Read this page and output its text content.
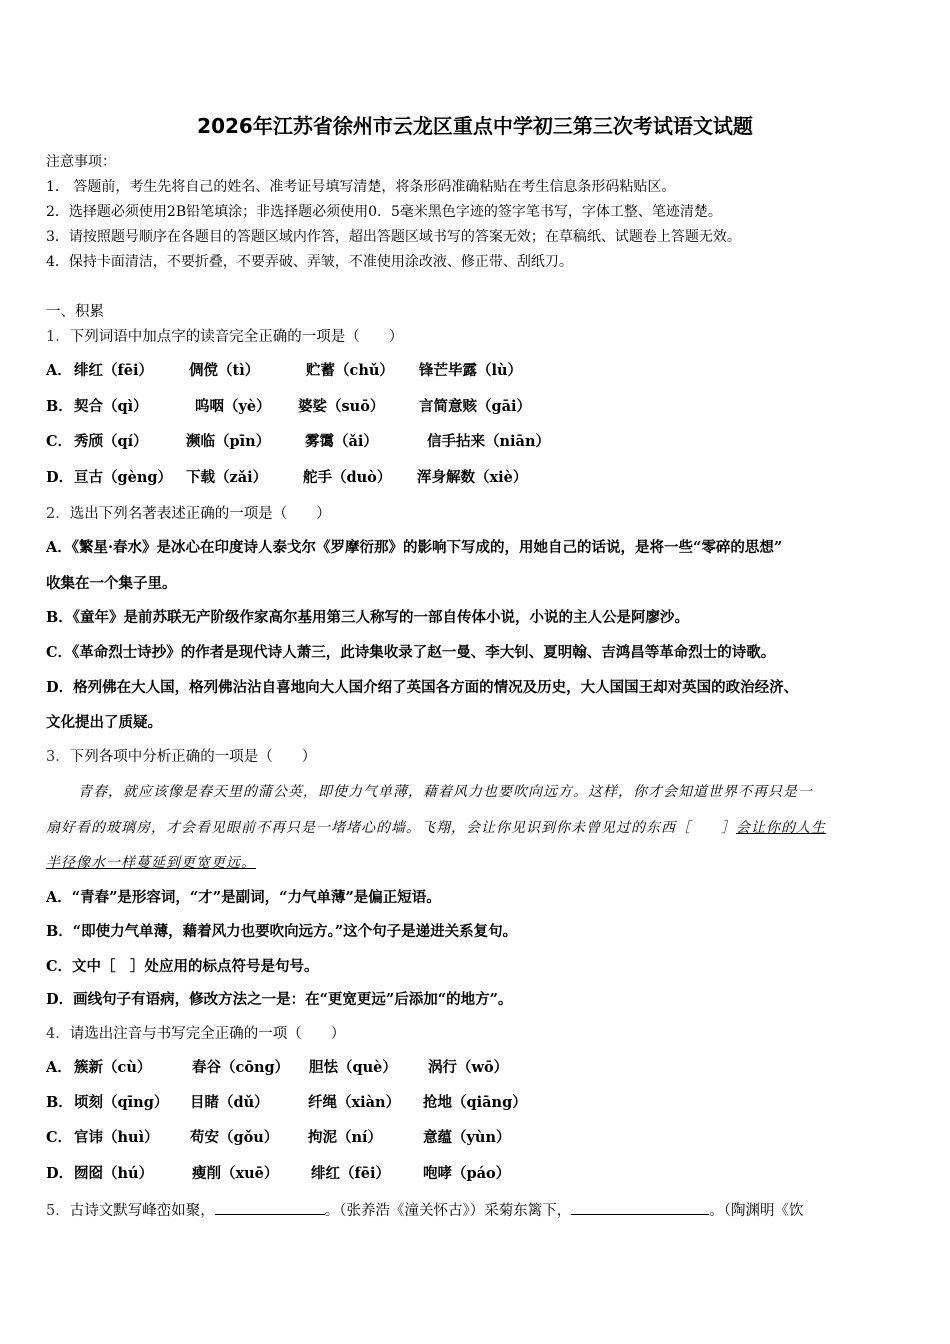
2026年江苏省徐州市云龙区重点中学初三第三次考试语文试题
注意事项：
1． 答题前，考生先将自己的姓名、准考证号填写清楚，将条形码准确粘贴在考生信息条形码粘贴区。
2．选择题必须使用2B铅笔填涂；非选择题必须使用0．5毫米黑色字迹的签字笔书写，字体工整、笔迹清楚。
3．请按照题号顺序在各题目的答题区域内作答，超出答题区域书写的答案无效；在草稿纸、试题卷上答题无效。
4．保持卡面清洁，不要折叠，不要弄破、弄皱，不准使用涂改液、修正带、刮纸刀。
一、积累
1．下列词语中加点字的读音完全正确的一项是（　　）
A． 绯红（fēi） 倜傥（tì）	贮蓄（chǔ） 锋芒毕露（lù）
B． 契合（qì）	呜咽（yè） 婆娑（suō） 言简意赅（gāi）
C． 秀颀（qí）	濒临（pīn） 雾霭（ǎi）	信手拈来（niān）
D． 亘古（gèng） 下载（zǎi） 舵手（duò） 浑身解数（xiè）
2．选出下列名著表述正确的一项是（　　）
A．《繁星·春水》是冰心在印度诗人泰戈尔《罗摩衍那》的影响下写成的，用她自己的话说，是将一些“零碎的思想”
收集在一个集子里。
B．《童年》是前苏联无产阶级作家高尔基用第三人称写的一部自传体小说，小说的主人公是阿廖沙。
C．《革命烈士诗抄》的作者是现代诗人萧三，此诗集收录了赵一曼、李大钊、夏明翰、吉鸿昌等革命烈士的诗歌。
D．格列佛在大人国，格列佛沾沾自喜地向大人国介绍了英国各方面的情况及历史，大人国国王却对英国的政治经济、
文化提出了质疑。
3．下列各项中分析正确的一项是（　　）
青春，就应该像是春天里的蒲公英，即使力气单薄，藉着风力也要吹向远方。这样，你才会知道世界不再只是一
扇好看的玻璃房，才会看见眼前不再只是一堵堵心的墙。飞翔，会让你见识到你未曾见过的东西［　　］会让你的人生
半径像水一样蔓延到更宽更远。
A．“青春”是形容词，“才”是副词，“力气单薄”是偏正短语。
B．“即使力气单薄，藉着风力也要吹向远方。”这个句子是递进关系复句。
C．文中［　］处应用的标点符号是句号。
D．画线句子有语病，修改方法之一是：在“更宽更远”后添加“的地方”。
4．请选出注音与书写完全正确的一项（　　）
A． 簇新（cù）	春谷（cōng） 胆怯（què） 涡行（wō）
B． 顷刻（qīng） 目睹（dǔ）	纤绳（xiàn） 抢地（qiāng）
C． 官讳（huì） 苟安（gǒu） 拘泥（ní）	意蕴（yùn）
D． 囫囵（hú）	瘦削（xuē） 绯红（fēi） 咆哮（páo）
5．古诗文默写峰峦如聚，	。（张养浩《潼关怀古》）采菊东篱下，	。（陶渊明《饮
